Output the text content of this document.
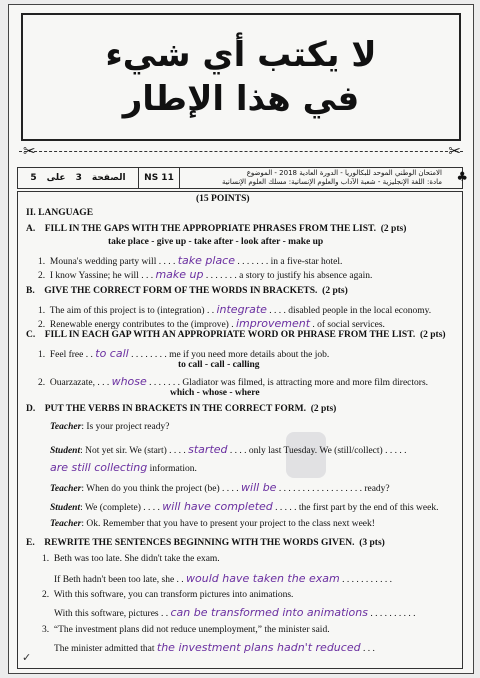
لا يكتب أي شيء
في هذا الإطار
✂	✂
5 على 3 الصفحة	NS 11	الامتحان الوطني الموحد للبكالوريا - الدورة العادية 2018 - الموضوع
مادة: اللغة الإنجليزية - شعبة الآداب والعلوم الإنسانية: مسلك العلوم الإنسانية ♣
II. LANGUAGE
(15 POINTS)
A. FILL IN THE GAPS WITH THE APPROPRIATE PHRASES FROM THE LIST. (2 pts)
take place - give up - take after - look after - make up
1. Mouna's wedding party will . . . . take place . . . . . . . in a five-star hotel.
2. I know Yassine; he will . . . make up . . . . . . . a story to justify his absence again.
B. GIVE THE CORRECT FORM OF THE WORDS IN BRACKETS. (2 pts)
1. The aim of this project is to (integration) . . integrate . . . . disabled people in the local economy.
2. Renewable energy contributes to the (improve) . improvement . of social services.
C. FILL IN EACH GAP WITH AN APPROPRIATE WORD OR PHRASE FROM THE LIST. (2 pts)
1. Feel free . . to call . . . . . . . . me if you need more details about the job.
to call - call - calling
2. Ouarzazate, . . . whose . . . . . . . Gladiator was filmed, is attracting more and more film directors.
which - whose - where
D. PUT THE VERBS IN BRACKETS IN THE CORRECT FORM. (2 pts)
Teacher: Is your project ready?
Student: Not yet sir. We (start) . . . . started . . . . only last Tuesday. We (still/collect) . . . . .
are still collecting information.
Teacher: When do you think the project (be) . . . . will be . . . . . . . . . . . . . . . . . . ready?
Student: We (complete) . . . . will have completed . . . . . the first part by the end of this week.
Teacher: Ok. Remember that you have to present your project to the class next week!
E. REWRITE THE SENTENCES BEGINNING WITH THE WORDS GIVEN. (3 pts)
1. Beth was too late. She didn't take the exam.
If Beth hadn't been too late, she . . would have taken the exam . . . . . . . . . . .
2. With this software, you can transform pictures into animations.
With this software, pictures . . can be transformed into animations . . . . . . . . . .
3. “The investment plans did not reduce unemployment,” the minister said.
The minister admitted that the investment plans hadn't reduced . . .
✓
